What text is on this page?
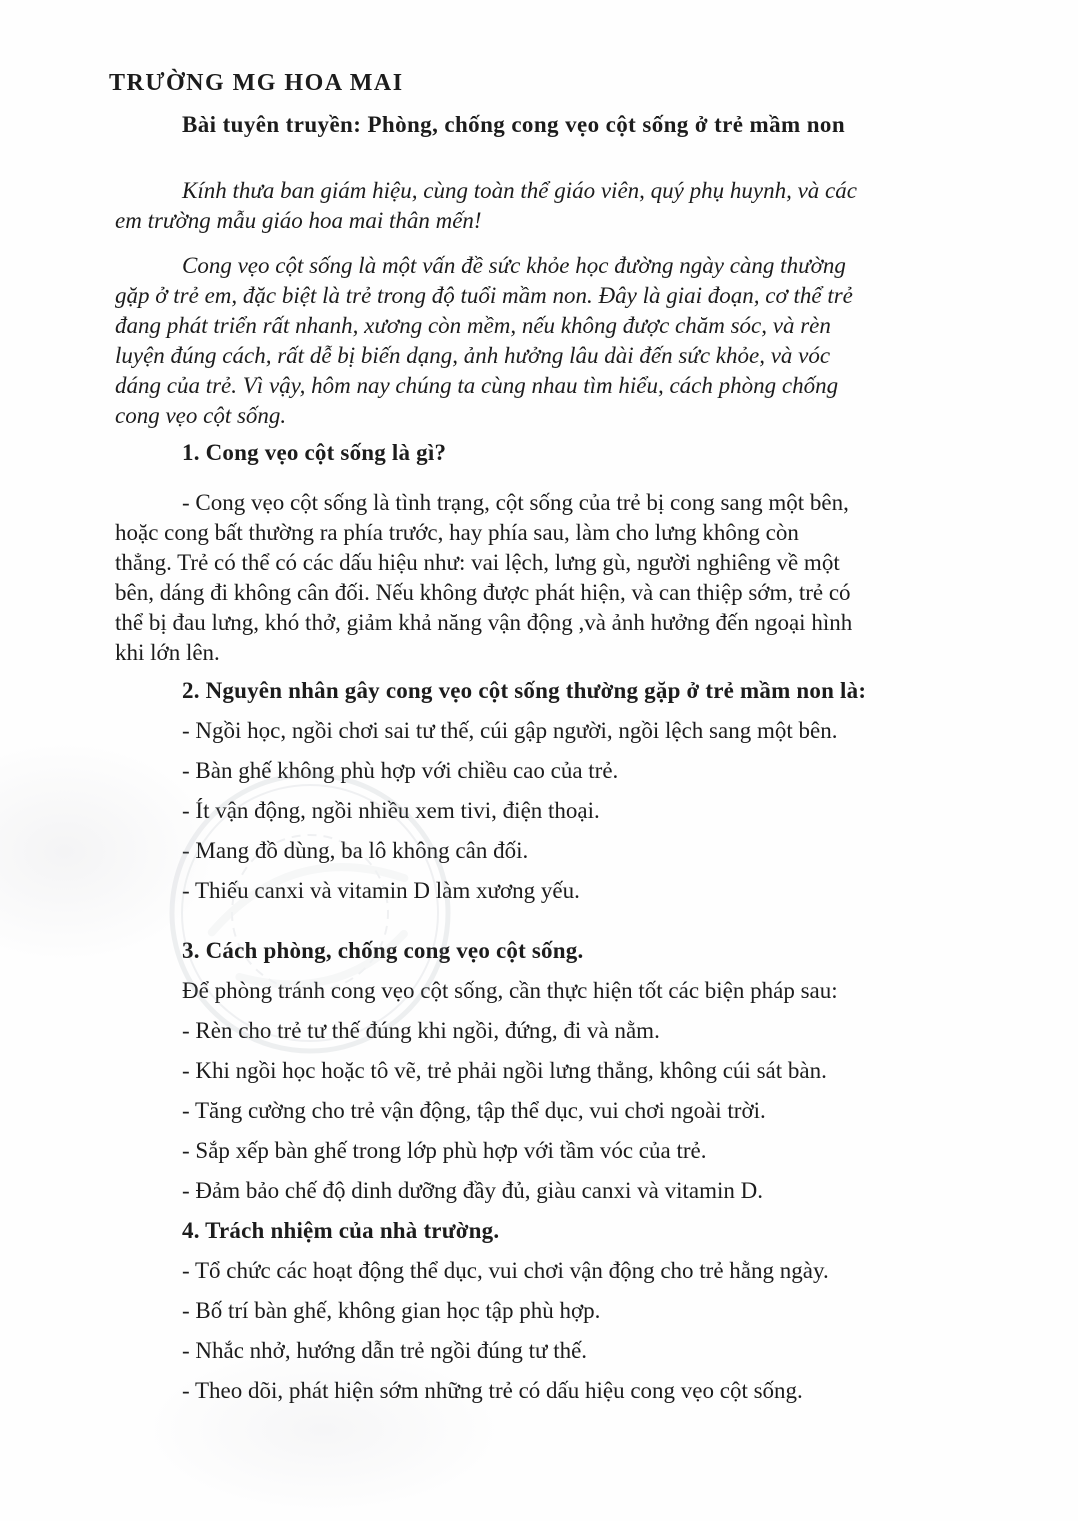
TRƯỜNG MG HOA MAI
Bài tuyên truyền: Phòng, chống cong vẹo cột sống ở trẻ mầm non
Kính thưa ban giám hiệu, cùng toàn thể giáo viên, quý phụ huynh, và các
em trường mẫu giáo hoa mai thân mến!
Cong vẹo cột sống là một vấn đề sức khỏe học đường ngày càng thường
gặp ở trẻ em, đặc biệt là trẻ trong độ tuổi mầm non. Đây là giai đoạn, cơ thể trẻ
đang phát triển rất nhanh, xương còn mềm, nếu không được chăm sóc, và rèn
luyện đúng cách, rất dễ bị biến dạng, ảnh hưởng lâu dài đến sức khỏe, và vóc
dáng của trẻ. Vì vậy, hôm nay chúng ta cùng nhau tìm hiểu, cách phòng chống
cong vẹo cột sống.
1. Cong vẹo cột sống là gì?
- Cong vẹo cột sống là tình trạng, cột sống của trẻ bị cong sang một bên,
hoặc cong bất thường ra phía trước, hay phía sau, làm cho lưng không còn
thẳng. Trẻ có thể có các dấu hiệu như: vai lệch, lưng gù, người nghiêng về một
bên, dáng đi không cân đối. Nếu không được phát hiện, và can thiệp sớm, trẻ có
thể bị đau lưng, khó thở, giảm khả năng vận động ,và ảnh hưởng đến ngoại hình
khi lớn lên.
2. Nguyên nhân gây cong vẹo cột sống thường gặp ở trẻ mầm non là:
- Ngồi học, ngồi chơi sai tư thế, cúi gập người, ngồi lệch sang một bên.
- Bàn ghế không phù hợp với chiều cao của trẻ.
- Ít vận động, ngồi nhiều xem tivi, điện thoại.
- Mang đồ dùng, ba lô không cân đối.
- Thiếu canxi và vitamin D làm xương yếu.
3. Cách phòng, chống cong vẹo cột sống.
Để phòng tránh cong vẹo cột sống, cần thực hiện tốt các biện pháp sau:
- Rèn cho trẻ tư thế đúng khi ngồi, đứng, đi và nằm.
- Khi ngồi học hoặc tô vẽ, trẻ phải ngồi lưng thẳng, không cúi sát bàn.
- Tăng cường cho trẻ vận động, tập thể dục, vui chơi ngoài trời.
- Sắp xếp bàn ghế trong lớp phù hợp với tầm vóc của trẻ.
- Đảm bảo chế độ dinh dưỡng đầy đủ, giàu canxi và vitamin D.
4. Trách nhiệm của nhà trường.
- Tổ chức các hoạt động thể dục, vui chơi vận động cho trẻ hằng ngày.
- Bố trí bàn ghế, không gian học tập phù hợp.
- Nhắc nhở, hướng dẫn trẻ ngồi đúng tư thế.
- Theo dõi, phát hiện sớm những trẻ có dấu hiệu cong vẹo cột sống.
